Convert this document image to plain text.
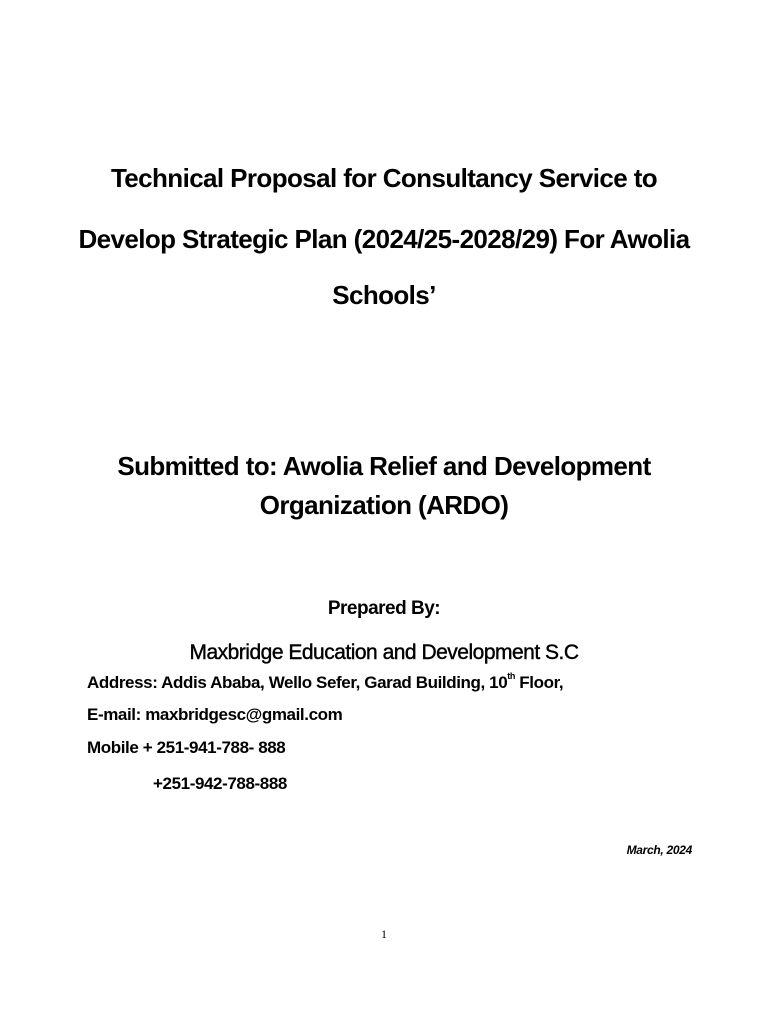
Technical Proposal for Consultancy Service to
Develop Strategic Plan (2024/25-2028/29) For Awolia
Schools’
Submitted to: Awolia Relief and Development
Organization (ARDO)
Prepared By:
Maxbridge Education and Development S.C
Address: Addis Ababa, Wello Sefer, Garad Building, 10th Floor,
E-mail: maxbridgesc@gmail.com
Mobile + 251-941-788- 888
+251-942-788-888
March, 2024
1
